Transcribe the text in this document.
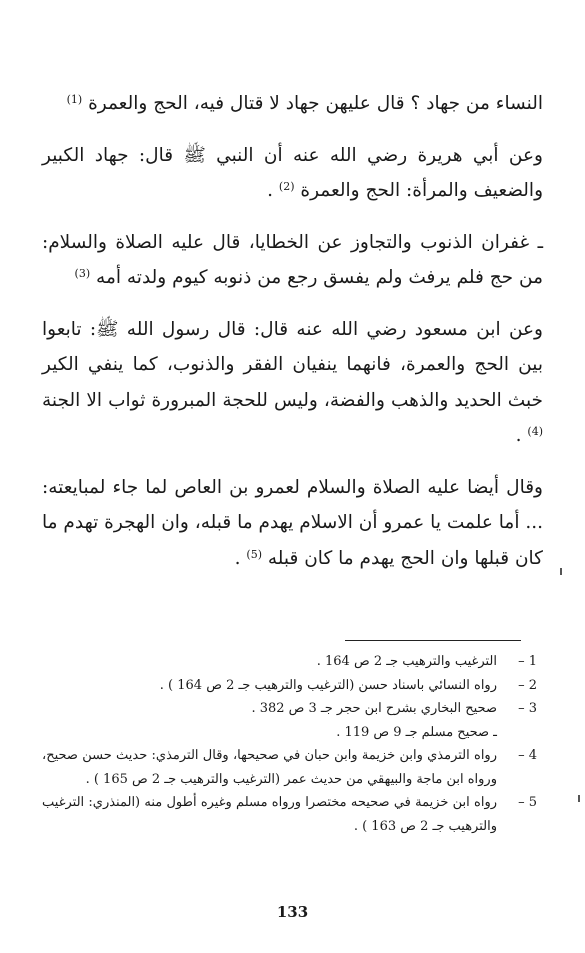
النساء من جهاد ؟ قال عليهن جهاد لا قتال فيه، الحج والعمرة $^{(1)}$

وعن أبي هريرة رضي الله عنه أن النبي ﷺ قال: جهاد الكبير والضعيف والمرأة: الحج والعمرة $^{(2)}$ .

ـ غفران الذنوب والتجاوز عن الخطايا، قال عليه الصلاة والسلام: من حج فلم يرفث ولم يفسق رجع من ذنوبه كيوم ولدته أمه $^{(3)}$

وعن ابن مسعود رضي الله عنه قال: قال رسول الله ﷺ: تابعوا بين الحج والعمرة، فانهما ينفيان الفقر والذنوب، كما ينفي الكير خبث الحديد والذهب والفضة، وليس للحجة المبرورة ثواب الا الجنة $^{(4)}$ .

وقال أيضا عليه الصلاة والسلام لعمرو بن العاص لما جاء لمبايعته: ... أما علمت يا عمرو أن الاسلام يهدم ما قبله، وان الهجرة تهدم ما كان قبلها وان الحج يهدم ما كان قبله $^{(5)}$ .

1 –
الترغيب والترهيب جـ 2 ص 164 .
2 –
رواه النسائي باسناد حسن (الترغيب والترهيب جـ 2 ص 164 ) .
3 –
صحيح البخاري بشرح ابن حجر جـ 3 ص 382 .
ـ صحيح مسلم جـ 9 ص 119 .
4 –
رواه الترمذي وابن خزيمة وابن حبان في صحيحها، وقال الترمذي: حديث حسن صحيح، ورواه ابن ماجة والبيهقي من حديث عمر (الترغيب والترهيب جـ 2 ص 165 ) .
5 –
رواه ابن خزيمة في صحيحه مختصرا ورواه مسلم وغيره أطول منه (المنذري: الترغيب والترهيب جـ 2 ص 163 ) .
133
